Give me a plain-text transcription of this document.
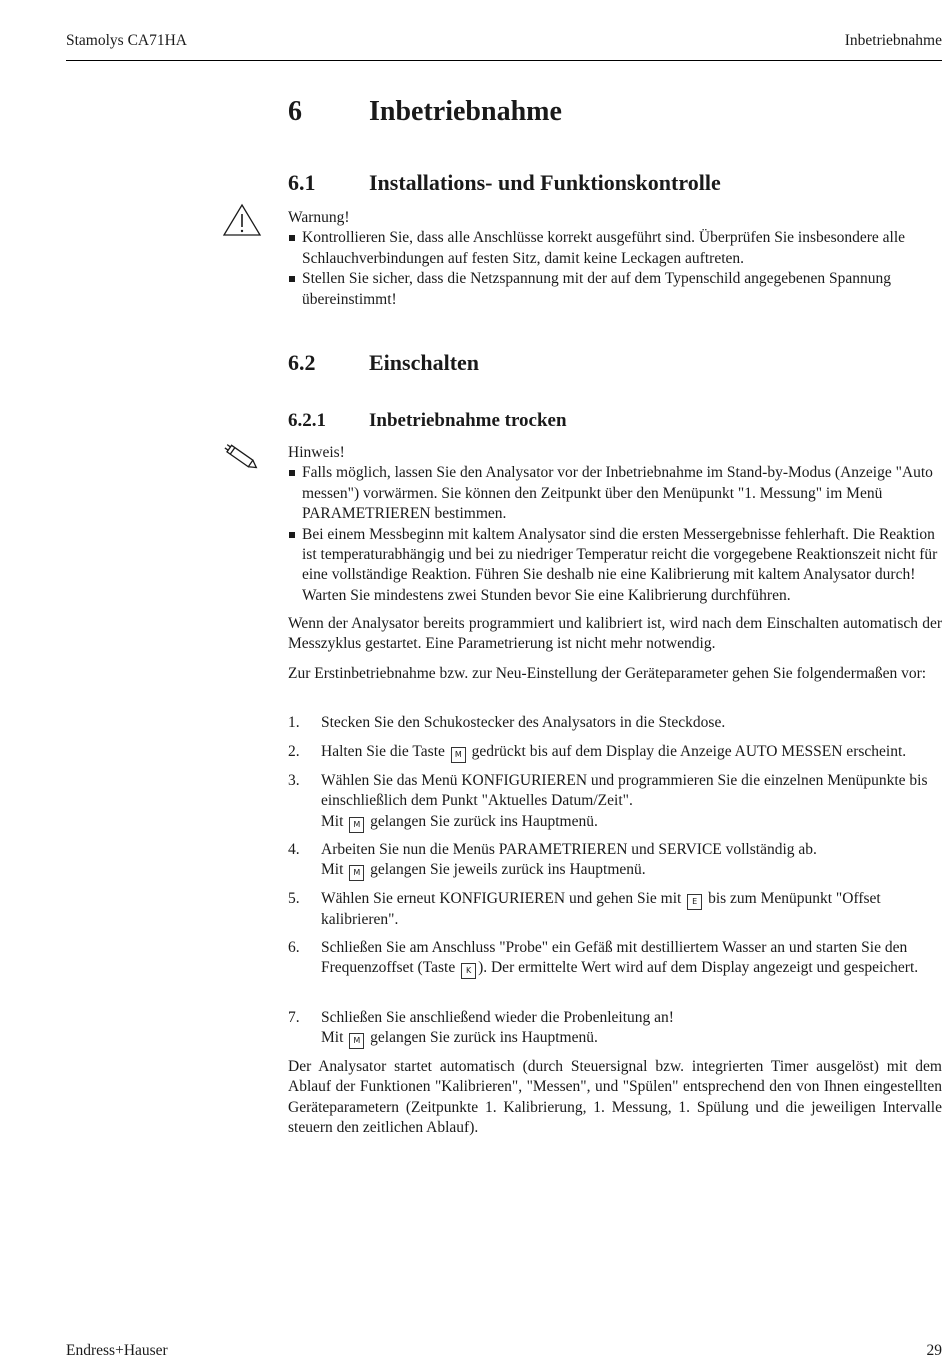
Stamolys CA71HA	Inbetriebnahme
6 Inbetriebnahme
6.1 Installations- und Funktionskontrolle
Warnung!
Kontrollieren Sie, dass alle Anschlüsse korrekt ausgeführt sind. Überprüfen Sie insbesondere alle Schlauchverbindungen auf festen Sitz, damit keine Leckagen auftreten.
Stellen Sie sicher, dass die Netzspannung mit der auf dem Typenschild angegebenen Spannung übereinstimmt!
6.2 Einschalten
6.2.1 Inbetriebnahme trocken
Hinweis!
Falls möglich, lassen Sie den Analysator vor der Inbetriebnahme im Stand-by-Modus (Anzeige "Auto messen") vorwärmen. Sie können den Zeitpunkt über den Menüpunkt "1. Messung" im Menü PARAMETRIEREN bestimmen.
Bei einem Messbeginn mit kaltem Analysator sind die ersten Messergebnisse fehlerhaft. Die Reaktion ist temperaturabhängig und bei zu niedriger Temperatur reicht die vorgegebene Reaktionszeit nicht für eine vollständige Reaktion. Führen Sie deshalb nie eine Kalibrierung mit kaltem Analysator durch! Warten Sie mindestens zwei Stunden bevor Sie eine Kalibrierung durchführen.
Wenn der Analysator bereits programmiert und kalibriert ist, wird nach dem Einschalten automatisch der Messzyklus gestartet. Eine Parametrierung ist nicht mehr notwendig.
Zur Erstinbetriebnahme bzw. zur Neu-Einstellung der Geräteparameter gehen Sie folgendermaßen vor:
1. Stecken Sie den Schukostecker des Analysators in die Steckdose.
2. Halten Sie die Taste M gedrückt bis auf dem Display die Anzeige AUTO MESSEN erscheint.
3. Wählen Sie das Menü KONFIGURIEREN und programmieren Sie die einzelnen Menüpunkte bis einschließlich dem Punkt "Aktuelles Datum/Zeit".
Mit M gelangen Sie zurück ins Hauptmenü.
4. Arbeiten Sie nun die Menüs PARAMETRIEREN und SERVICE vollständig ab.
Mit M gelangen Sie jeweils zurück ins Hauptmenü.
5. Wählen Sie erneut KONFIGURIEREN und gehen Sie mit E bis zum Menüpunkt "Offset kalibrieren".
6. Schließen Sie am Anschluss "Probe" ein Gefäß mit destilliertem Wasser an und starten Sie den Frequenzoffset (Taste K ). Der ermittelte Wert wird auf dem Display angezeigt und gespeichert.
7. Schließen Sie anschließend wieder die Probenleitung an!
Mit M gelangen Sie zurück ins Hauptmenü.
Der Analysator startet automatisch (durch Steuersignal bzw. integrierten Timer ausgelöst) mit dem Ablauf der Funktionen "Kalibrieren", "Messen", und "Spülen" entsprechend den von Ihnen eingestellten Geräteparametern (Zeitpunkte 1. Kalibrierung, 1. Messung, 1. Spülung und die jeweiligen Intervalle steuern den zeitlichen Ablauf).
Endress+Hauser	29
